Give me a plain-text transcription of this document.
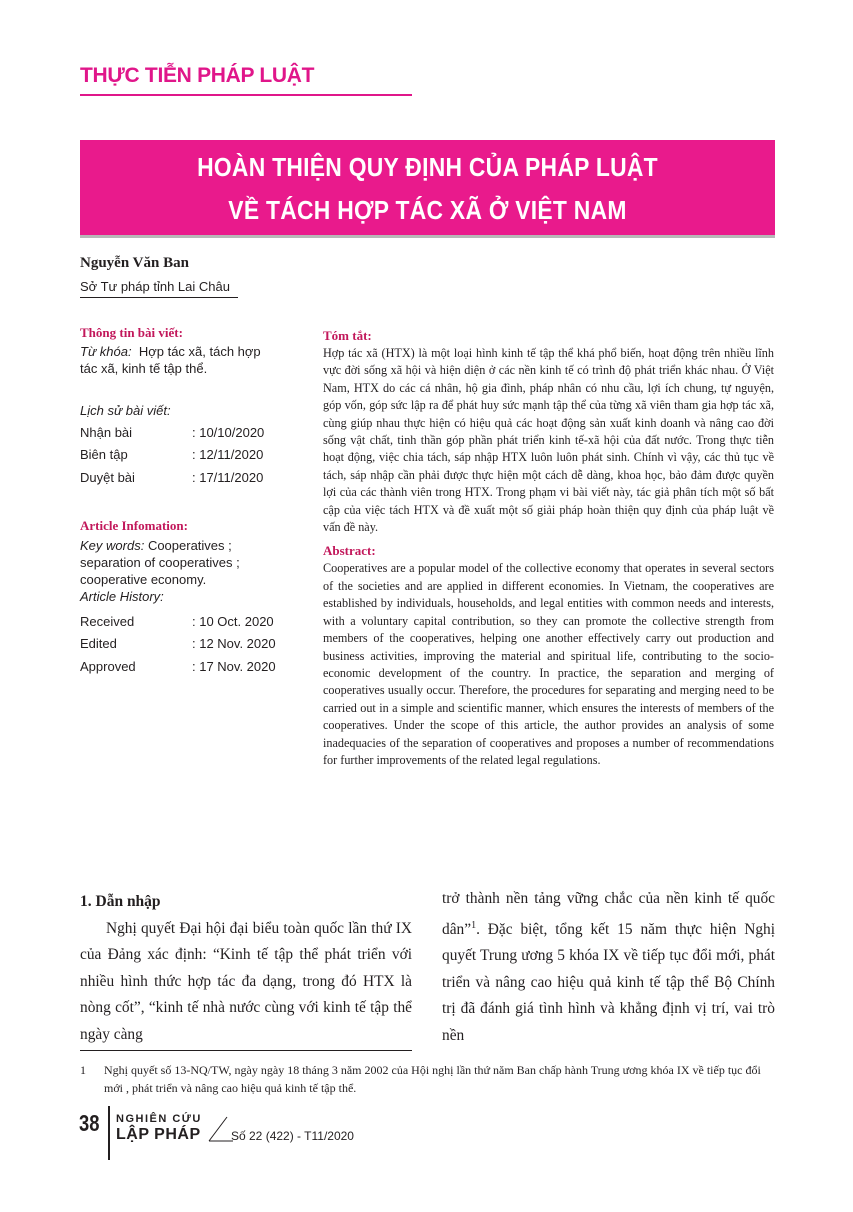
THỰC TIỄN PHÁP LUẬT
HOÀN THIỆN QUY ĐỊNH CỦA PHÁP LUẬT
VỀ TÁCH HỢP TÁC XÃ Ở VIỆT NAM
Nguyễn Văn Ban
Sở Tư pháp tỉnh Lai Châu
Thông tin bài viết:
Từ khóa: Hợp tác xã, tách hợp
tác xã, kinh tế tập thể.
Lịch sử bài viết:
Nhận bài	: 10/10/2020
Biên tập	: 12/11/2020
Duyệt bài	: 17/11/2020
Article Infomation:
Key words: Cooperatives ;
separation of cooperatives ;
cooperative economy.
Article History:
Received	: 10 Oct. 2020
Edited	: 12 Nov. 2020
Approved	: 17 Nov. 2020
Tóm tắt:

Hợp tác xã (HTX) là một loại hình kinh tế tập thể khá phổ biến, hoạt động trên nhiều lĩnh vực đời sống xã hội và hiện diện ở các nền kinh tế có trình độ phát triển khác nhau. Ở Việt Nam, HTX do các cá nhân, hộ gia đình, pháp nhân có nhu cầu, lợi ích chung, tự nguyện, góp vốn, góp sức lập ra để phát huy sức mạnh tập thể của từng xã viên tham gia hợp tác xã, cùng giúp nhau thực hiện có hiệu quả các hoạt động sản xuất kinh doanh và nâng cao đời sống vật chất, tinh thần góp phần phát triển kinh tế-xã hội của đất nước. Trong thực tiễn hoạt động, việc chia tách, sáp nhập HTX luôn luôn phát sinh. Chính vì vậy, các thủ tục về tách, sáp nhập cần phải được thực hiện một cách dễ dàng, khoa học, bảo đảm được quyền lợi của các thành viên trong HTX. Trong phạm vi bài viết này, tác giả phân tích một số bất cập của việc tách HTX và đề xuất một số giải pháp hoàn thiện quy định của pháp luật về vấn đề này.

Abstract:

Cooperatives are a popular model of the collective economy that operates in several sectors of the societies and are applied in different economies. In Vietnam, the cooperatives are established by individuals, households, and legal entities with common needs and interests, with a voluntary capital contribution, so they can promote the collective strength from members of the cooperatives, helping one another effectively carry out production and business activities, improving the material and spiritual life, contributing to the socio-economic development of the country. In practice, the separation and merging of cooperatives usually occur. Therefore, the procedures for separating and merging need to be carried out in a simple and scientific manner, which ensures the interests of members of the cooperatives. Under the scope of this article, the author provides an analysis of some inadequacies of the separation of cooperatives and proposes a number of recommendations for further improvements of the related legal regulations.

1. Dẫn nhập
Nghị quyết Đại hội đại biểu toàn quốc lần thứ IX của Đảng xác định: “Kinh tế tập thể phát triển với nhiều hình thức hợp tác đa dạng, trong đó HTX là nòng cốt”, “kinh tế nhà nước cùng với kinh tế tập thể ngày càng
trở thành nền tảng vững chắc của nền kinh tế quốc dân”$^1$. Đặc biệt, tổng kết 15 năm thực hiện Nghị quyết Trung ương 5 khóa IX về tiếp tục đổi mới, phát triển và nâng cao hiệu quả kinh tế tập thể Bộ Chính trị đã đánh giá tình hình và khẳng định vị trí, vai trò nền
1 Nghị quyết số 13-NQ/TW, ngày ngày 18 tháng 3 năm 2002 của Hội nghị lần thứ năm Ban chấp hành Trung ương khóa IX về tiếp tục đổi mới , phát triển và nâng cao hiệu quả kinh tế tập thể.
38 NGHIÊN CỨU
LẬP PHÁP	Số 22 (422) - T11/2020
